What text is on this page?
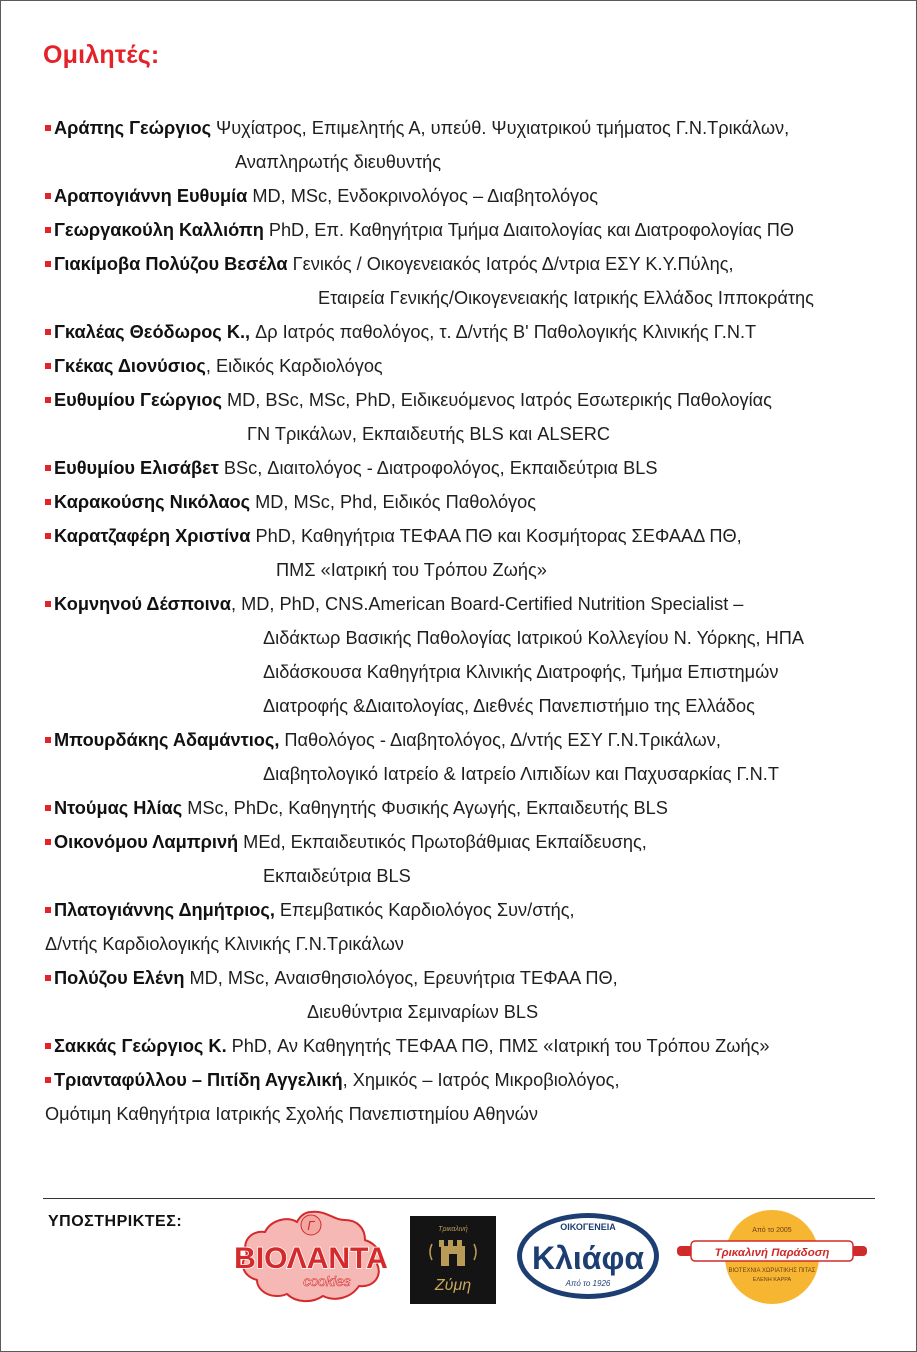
Ομιλητές:
Αράπης Γεώργιος Ψυχίατρος, Επιμελητής Α, υπεύθ. Ψυχιατρικού τμήματος Γ.Ν.Τρικάλων,
Αναπληρωτής διευθυντής
Αραπογιάννη Ευθυμία MD, MSc, Ενδοκρινολόγος – Διαβητολόγος
Γεωργακούλη Καλλιόπη PhD, Επ. Καθηγήτρια Τμήμα Διαιτολογίας και Διατροφολογίας ΠΘ
Γιακίμοβα Πολύζου Βεσέλα Γενικός / Οικογενειακός Ιατρός Δ/ντρια ΕΣΥ Κ.Υ.Πύλης,
Εταιρεία Γενικής/Οικογενειακής Ιατρικής Ελλάδος Ιπποκράτης
Γκαλέας Θεόδωρος Κ., Δρ Ιατρός παθολόγος, τ. Δ/ντής Β' Παθολογικής Κλινικής Γ.Ν.Τ
Γκέκας Διονύσιος, Ειδικός Καρδιολόγος
Ευθυμίου Γεώργιος MD, BSc, MSc, PhD, Ειδικευόμενος Ιατρός Εσωτερικής Παθολογίας
ΓΝ Τρικάλων, Εκπαιδευτής BLS και ALSERC
Ευθυμίου Ελισάβετ BSc, Διαιτολόγος - Διατροφολόγος, Εκπαιδεύτρια BLS
Καρακούσης Νικόλαος MD, MSc, Phd, Ειδικός Παθολόγος
Καρατζαφέρη Χριστίνα PhD, Καθηγήτρια ΤΕΦΑΑ ΠΘ και Κοσμήτορας ΣΕΦΑΑΔ ΠΘ,
ΠΜΣ «Ιατρική του Τρόπου Ζωής»
Κομνηνού Δέσποινα, MD, PhD, CNS.American Board-Certified Nutrition Specialist –
Διδάκτωρ Βασικής Παθολογίας Ιατρικού Κολλεγίου Ν. Υόρκης, ΗΠΑ
Διδάσκουσα Καθηγήτρια Κλινικής Διατροφής, Τμήμα Επιστημών
Διατροφής &Διαιτολογίας, Διεθνές Πανεπιστήμιο της Ελλάδος
Μπουρδάκης Αδαμάντιος, Παθολόγος - Διαβητολόγος, Δ/ντής ΕΣΥ Γ.Ν.Τρικάλων,
Διαβητολογικό Ιατρείο & Ιατρείο Λιπιδίων και Παχυσαρκίας Γ.Ν.Τ
Ντούμας Ηλίας MSc, PhDc, Καθηγητής Φυσικής Αγωγής, Εκπαιδευτής BLS
Οικονόμου Λαμπρινή MEd, Εκπαιδευτικός Πρωτοβάθμιας Εκπαίδευσης,
Εκπαιδεύτρια BLS
Πλατογιάννης Δημήτριος, Επεμβατικός Καρδιολόγος Συν/στής,
Δ/ντής Καρδιολογικής Κλινικής Γ.Ν.Τρικάλων
Πολύζου Ελένη MD, MSc, Αναισθησιολόγος, Ερευνήτρια ΤΕΦΑΑ ΠΘ,
Διευθύντρια Σεμιναρίων BLS
Σακκάς Γεώργιος Κ. PhD, Αν Καθηγητής ΤΕΦΑΑ ΠΘ, ΠΜΣ «Ιατρική του Τρόπου Ζωής»
Τριανταφύλλου – Πιτίδη Αγγελική, Χημικός – Ιατρός Μικροβιολόγος,
Ομότιμη Καθηγήτρια Ιατρικής Σχολής Πανεπιστημίου Αθηνών
ΥΠΟΣΤΗΡΙΚΤΕΣ:	Γ
ΒΙΟΛΑΝΤΑ
cookies
Τρικαλινή
Ζύμη
ΟΙΚΟΓΕΝΕΙΑ
Κλιάφα
Από το 1926
Από το 2005
Τρικαλινή Παράδοση
ΒΙΟΤΕΧΝΙΑ ΧΩΡΙΑΤΙΚΗΣ ΠΙΤΑΣ
ΕΛΕΝΗ ΚΑΡΡΑ
